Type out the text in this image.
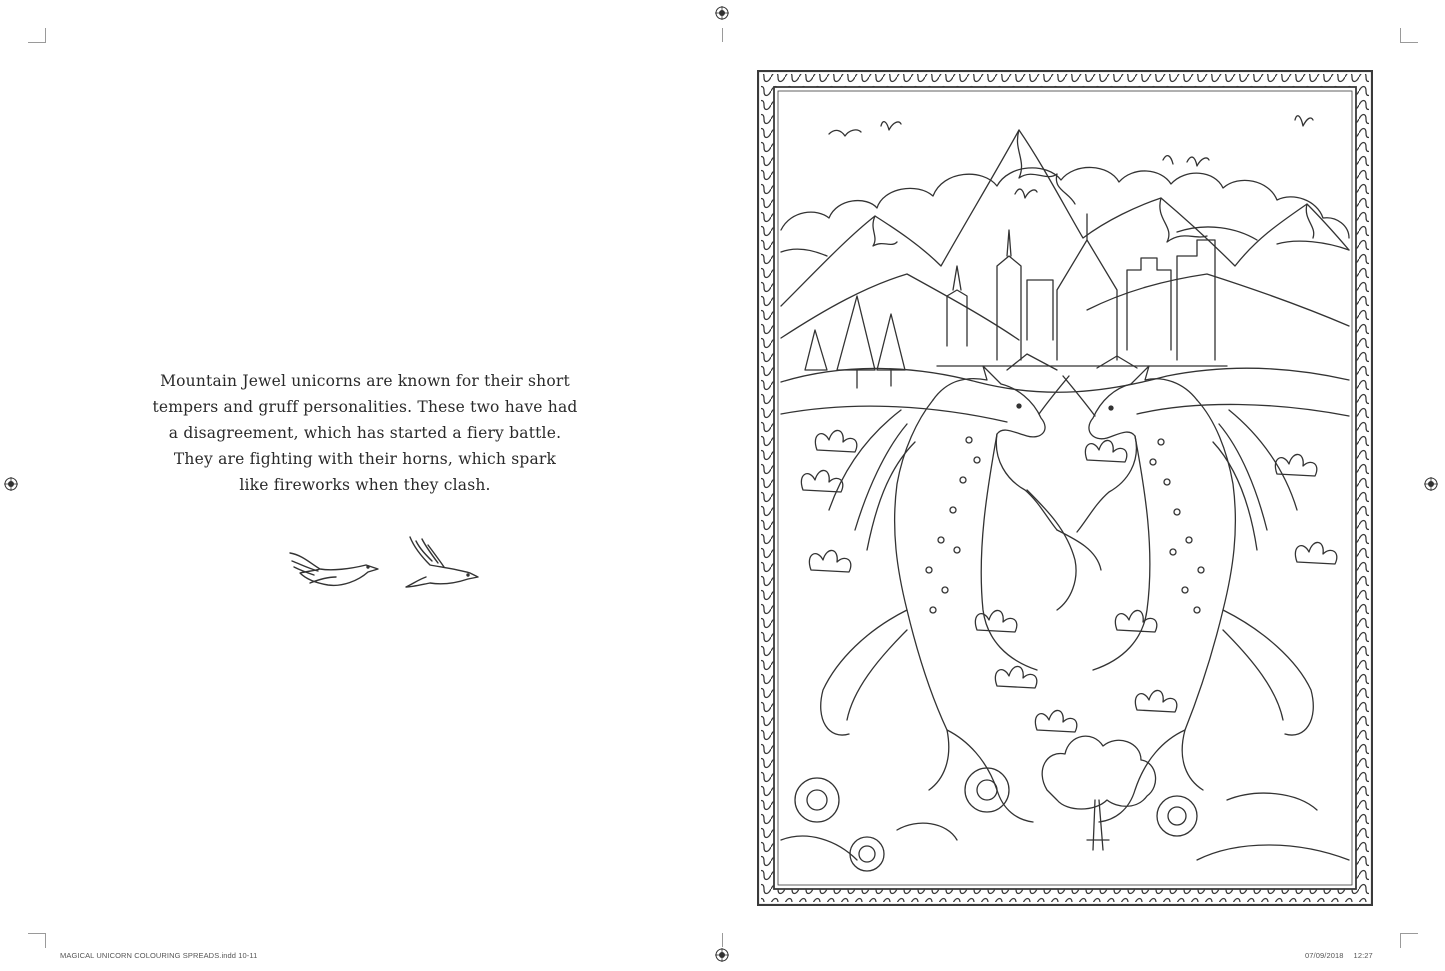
Mountain Jewel unicorns are known for their short
tempers and gruff personalities. These two have had
a disagreement, which has started a fiery battle.
They are fighting with their horns, which spark
like fireworks when they clash.
MAGICAL UNICORN COLOURING SPREADS.indd 10-11	07/09/2018 12:27
